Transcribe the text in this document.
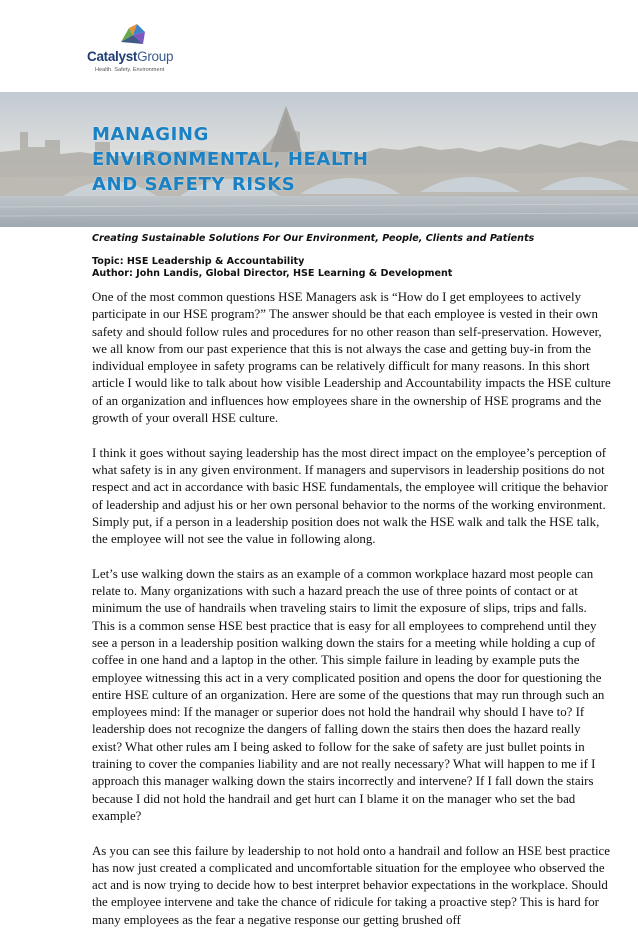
CatalystGroup
Health. Safety. Environment
MANAGING
ENVIRONMENTAL, HEALTH
AND SAFETY RISKS

Creating Sustainable Solutions For Our Environment, People, Clients and Patients

Topic: HSE Leadership & Accountability
Author: John Landis, Global Director, HSE Learning & Development

One of the most common questions HSE Managers ask is “How do I get employees to actively participate in our HSE program?” The answer should be that each employee is vested in their own safety and should follow rules and procedures for no other reason than self-preservation. However, we all know from our past experience that this is not always the case and getting buy-in from the individual employee in safety programs can be relatively difficult for many reasons. In this short article I would like to talk about how visible Leadership and Accountability impacts the HSE culture of an organization and influences how employees share in the ownership of HSE programs and the growth of your overall HSE culture.

I think it goes without saying leadership has the most direct impact on the employee’s perception of what safety is in any given environment. If managers and supervisors in leadership positions do not respect and act in accordance with basic HSE fundamentals, the employee will critique the behavior of leadership and adjust his or her own personal behavior to the norms of the working environment. Simply put, if a person in a leadership position does not walk the HSE walk and talk the HSE talk, the employee will not see the value in following along.

Let’s use walking down the stairs as an example of a common workplace hazard most people can relate to. Many organizations with such a hazard preach the use of three points of contact or at minimum the use of handrails when traveling stairs to limit the exposure of slips, trips and falls. This is a common sense HSE best practice that is easy for all employees to comprehend until they see a person in a leadership position walking down the stairs for a meeting while holding a cup of coffee in one hand and a laptop in the other. This simple failure in leading by example puts the employee witnessing this act in a very complicated position and opens the door for questioning the entire HSE culture of an organization. Here are some of the questions that may run through such an employees mind: If the manager or superior does not hold the handrail why should I have to? If leadership does not recognize the dangers of falling down the stairs then does the hazard really exist? What other rules am I being asked to follow for the sake of safety are just bullet points in training to cover the companies liability and are not really necessary? What will happen to me if I approach this manager walking down the stairs incorrectly and intervene? If I fall down the stairs because I did not hold the handrail and get hurt can I blame it on the manager who set the bad example?

As you can see this failure by leadership to not hold onto a handrail and follow an HSE best practice has now just created a complicated and uncomfortable situation for the employee who observed the act and is now trying to decide how to best interpret behavior expectations in the workplace. Should the employee intervene and take the chance of ridicule for taking a proactive step? This is hard for many employees as the fear a negative response our getting brushed off
